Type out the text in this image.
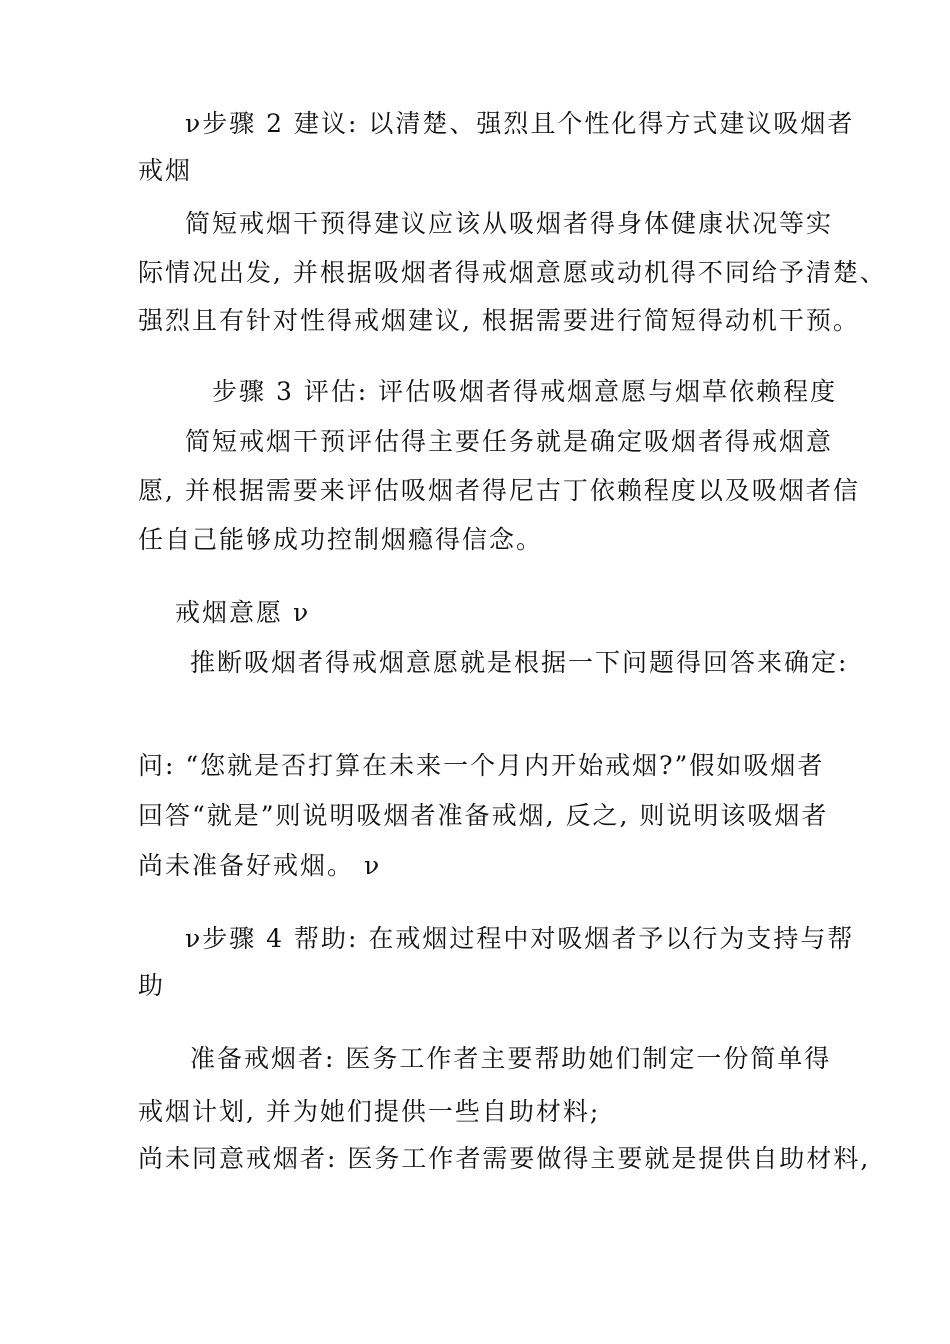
ν步骤 2 建议: 以清楚、强烈且个性化得方式建议吸烟者
戒烟
简短戒烟干预得建议应该从吸烟者得身体健康状况等实
际情况出发, 并根据吸烟者得戒烟意愿或动机得不同给予清楚、
强烈且有针对性得戒烟建议, 根据需要进行简短得动机干预。
步骤 3 评估: 评估吸烟者得戒烟意愿与烟草依赖程度
简短戒烟干预评估得主要任务就是确定吸烟者得戒烟意
愿, 并根据需要来评估吸烟者得尼古丁依赖程度以及吸烟者信
任自己能够成功控制烟瘾得信念。
戒烟意愿 ν
推断吸烟者得戒烟意愿就是根据一下问题得回答来确定:
问: “您就是否打算在未来一个月内开始戒烟?”假如吸烟者
回答“就是”则说明吸烟者准备戒烟, 反之, 则说明该吸烟者
尚未准备好戒烟。 ν
ν步骤 4 帮助: 在戒烟过程中对吸烟者予以行为支持与帮
助
准备戒烟者: 医务工作者主要帮助她们制定一份简单得
戒烟计划, 并为她们提供一些自助材料;
尚未同意戒烟者: 医务工作者需要做得主要就是提供自助材料,
